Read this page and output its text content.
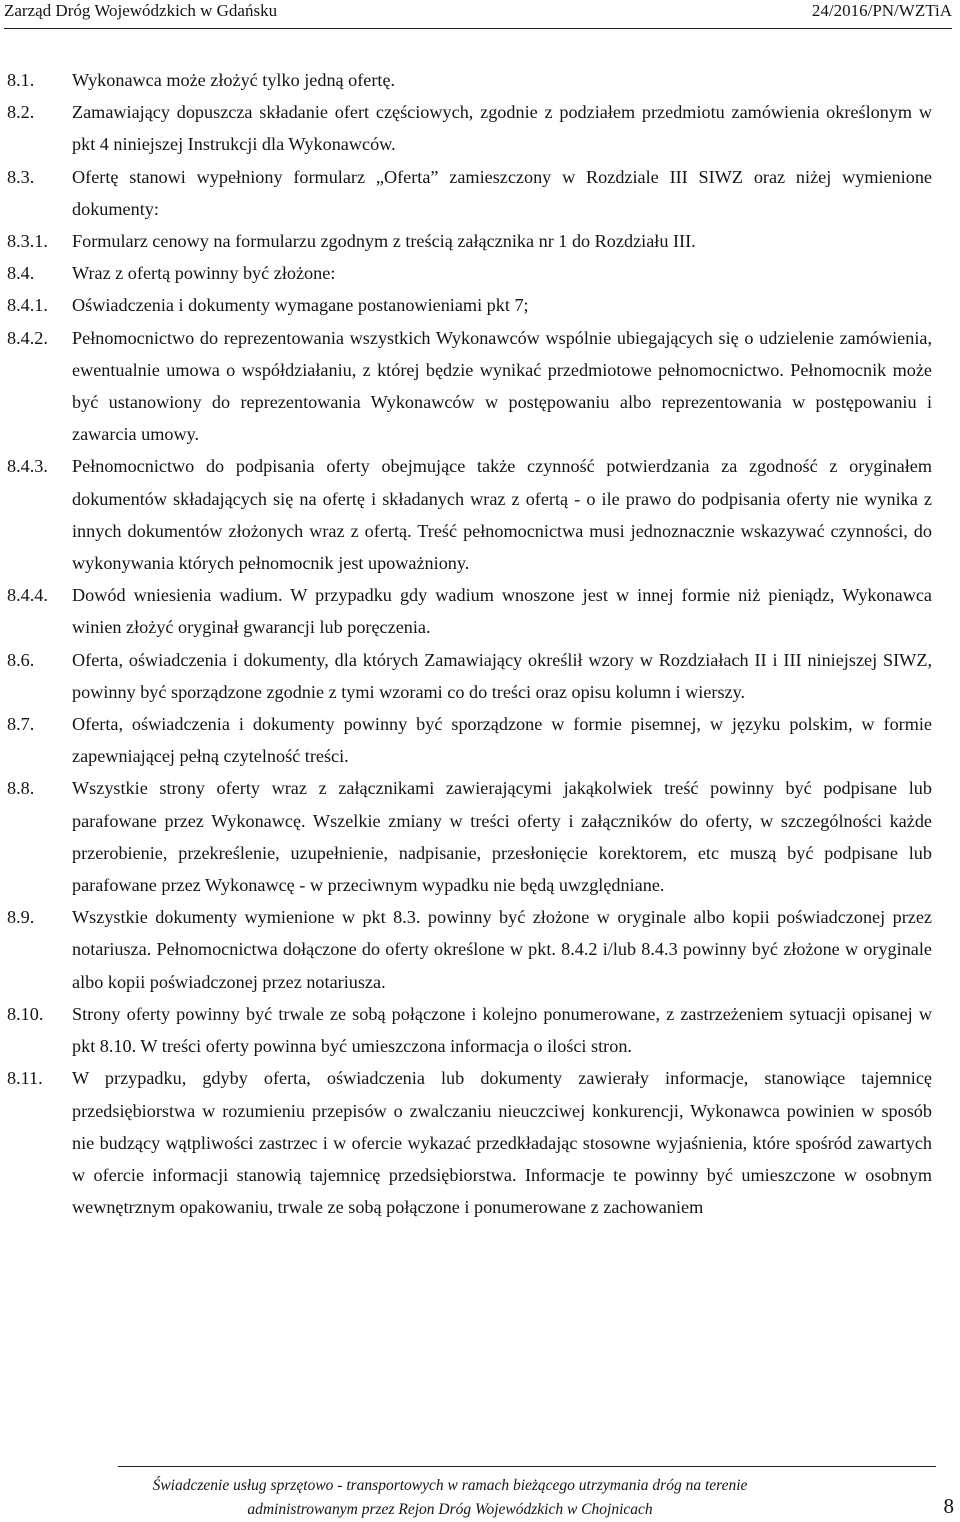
Zarząd Dróg Wojewódzkich w Gdańsku	24/2016/PN/WZTiA
8.1. Wykonawca może złożyć tylko jedną ofertę.
8.2. Zamawiający dopuszcza składanie ofert częściowych, zgodnie z podziałem przedmiotu zamówienia określonym w pkt 4 niniejszej Instrukcji dla Wykonawców.
8.3. Ofertę stanowi wypełniony formularz „Oferta” zamieszczony w Rozdziale III SIWZ oraz niżej wymienione dokumenty:
8.3.1. Formularz cenowy na formularzu zgodnym z treścią załącznika nr 1 do Rozdziału III.
8.4. Wraz z ofertą powinny być złożone:
8.4.1. Oświadczenia i dokumenty wymagane postanowieniami pkt 7;
8.4.2. Pełnomocnictwo do reprezentowania wszystkich Wykonawców wspólnie ubiegających się o udzielenie zamówienia, ewentualnie umowa o współdziałaniu, z której będzie wynikać przedmiotowe pełnomocnictwo. Pełnomocnik może być ustanowiony do reprezentowania Wykonawców w postępowaniu albo reprezentowania w postępowaniu i zawarcia umowy.
8.4.3. Pełnomocnictwo do podpisania oferty obejmujące także czynność potwierdzania za zgodność z oryginałem dokumentów składających się na ofertę i składanych wraz z ofertą - o ile prawo do podpisania oferty nie wynika z innych dokumentów złożonych wraz z ofertą. Treść pełnomocnictwa musi jednoznacznie wskazywać czynności, do wykonywania których pełnomocnik jest upoważniony.
8.4.4. Dowód wniesienia wadium. W przypadku gdy wadium wnoszone jest w innej formie niż pieniądz, Wykonawca winien złożyć oryginał gwarancji lub poręczenia.
8.6. Oferta, oświadczenia i dokumenty, dla których Zamawiający określił wzory w Rozdziałach II i III niniejszej SIWZ, powinny być sporządzone zgodnie z tymi wzorami co do treści oraz opisu kolumn i wierszy.
8.7. Oferta, oświadczenia i dokumenty powinny być sporządzone w formie pisemnej, w języku polskim, w formie zapewniającej pełną czytelność treści.
8.8. Wszystkie strony oferty wraz z załącznikami zawierającymi jakąkolwiek treść powinny być podpisane lub parafowane przez Wykonawcę. Wszelkie zmiany w treści oferty i załączników do oferty, w szczególności każde przerobienie, przekreślenie, uzupełnienie, nadpisanie, przesłonięcie korektorem, etc muszą być podpisane lub parafowane przez Wykonawcę - w przeciwnym wypadku nie będą uwzględniane.
8.9. Wszystkie dokumenty wymienione w pkt 8.3. powinny być złożone w oryginale albo kopii poświadczonej przez notariusza. Pełnomocnictwa dołączone do oferty określone w pkt. 8.4.2 i/lub 8.4.3 powinny być złożone w oryginale albo kopii poświadczonej przez notariusza.
8.10. Strony oferty powinny być trwale ze sobą połączone i kolejno ponumerowane, z zastrzeżeniem sytuacji opisanej w pkt 8.10. W treści oferty powinna być umieszczona informacja o ilości stron.
8.11. W przypadku, gdyby oferta, oświadczenia lub dokumenty zawierały informacje, stanowiące tajemnicę przedsiębiorstwa w rozumieniu przepisów o zwalczaniu nieuczciwej konkurencji, Wykonawca powinien w sposób nie budzący wątpliwości zastrzec i w ofercie wykazać przedkładając stosowne wyjaśnienia, które spośród zawartych w ofercie informacji stanowią tajemnicę przedsiębiorstwa. Informacje te powinny być umieszczone w osobnym wewnętrznym opakowaniu, trwale ze sobą połączone i ponumerowane z zachowaniem
Świadczenie usług sprzętowo - transportowych w ramach bieżącego utrzymania dróg na terenie
administrowanym przez Rejon Dróg Wojewódzkich w Chojnicach	8
